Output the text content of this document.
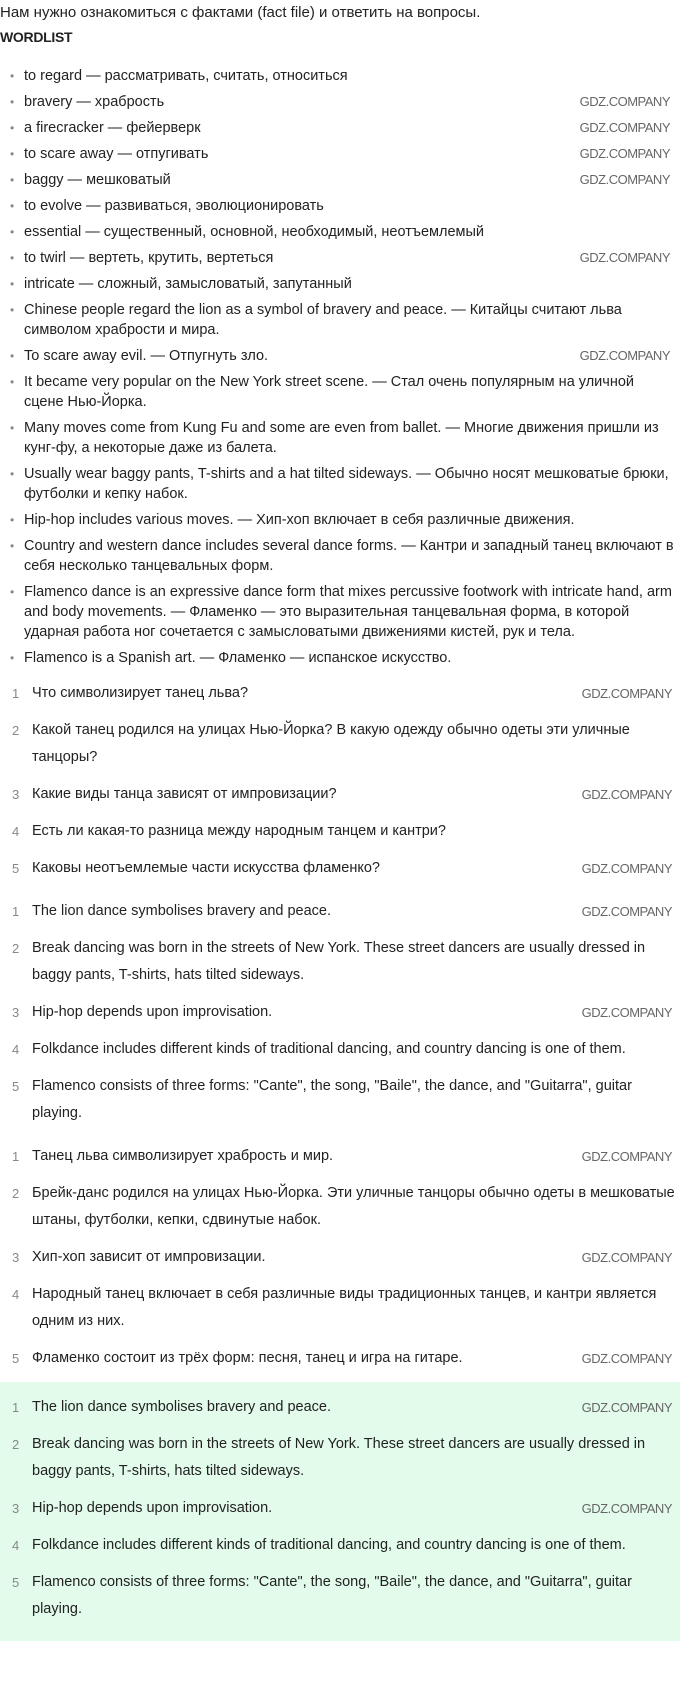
Нам нужно ознакомиться с фактами (fact file) и ответить на вопросы.
WORDLIST
• to regard — рассматривать, считать, относиться
• bravery — храбрость	GDZ.COMPANY
• a firecracker — фейерверк	GDZ.COMPANY
• to scare away — отпугивать	GDZ.COMPANY
• baggy — мешковатый	GDZ.COMPANY
• to evolve — развиваться, эволюционировать
• essential — существенный, основной, необходимый, неотъемлемый
• to twirl — вертеть, крутить, вертеться	GDZ.COMPANY
• intricate — сложный, замысловатый, запутанный
• Chinese people regard the lion as a symbol of bravery and peace. — Китайцы считают льва символом храбрости и мира.
• To scare away evil. — Отпугнуть зло.	GDZ.COMPANY
• It became very popular on the New York street scene. — Стал очень популярным на уличной сцене Нью-Йорка.
• Many moves come from Kung Fu and some are even from ballet. — Многие движения пришли из кунг-фу, а некоторые даже из балета.
• Usually wear baggy pants, T-shirts and a hat tilted sideways. — Обычно носят мешковатые брюки, футболки и кепку набок.
• Hip-hop includes various moves. — Хип-хоп включает в себя различные движения.
• Country and western dance includes several dance forms. — Кантри и западный танец включают в себя несколько танцевальных форм.
• Flamenco dance is an expressive dance form that mixes percussive footwork with intricate hand, arm and body movements. — Фламенко — это выразительная танцевальная форма, в которой ударная работа ног сочетается с замысловатыми движениями кистей, рук и тела.
• Flamenco is a Spanish art. — Фламенко — испанское искусство.
1 Что символизирует танец льва?	GDZ.COMPANY
2 Какой танец родился на улицах Нью-Йорка? В какую одежду обычно одеты эти уличные танцоры?
3 Какие виды танца зависят от импровизации?	GDZ.COMPANY
4 Есть ли какая-то разница между народным танцем и кантри?
5 Каковы неотъемлемые части искусства фламенко?	GDZ.COMPANY
1 The lion dance symbolises bravery and peace.	GDZ.COMPANY
2 Break dancing was born in the streets of New York. These street dancers are usually dressed in baggy pants, T-shirts, hats tilted sideways.
3 Hip-hop depends upon improvisation.	GDZ.COMPANY
4 Folkdance includes different kinds of traditional dancing, and country dancing is one of them.
5 Flamenco consists of three forms: "Cante", the song, "Baile", the dance, and "Guitarra", guitar playing.
1 Танец льва символизирует храбрость и мир.	GDZ.COMPANY
2 Брейк-данс родился на улицах Нью-Йорка. Эти уличные танцоры обычно одеты в мешковатые штаны, футболки, кепки, сдвинутые набок.
3 Хип-хоп зависит от импровизации.	GDZ.COMPANY
4 Народный танец включает в себя различные виды традиционных танцев, и кантри является одним из них.
5 Фламенко состоит из трёх форм: песня, танец и игра на гитаре.	GDZ.COMPANY
1 The lion dance symbolises bravery and peace.	GDZ.COMPANY
2 Break dancing was born in the streets of New York. These street dancers are usually dressed in baggy pants, T-shirts, hats tilted sideways.
3 Hip-hop depends upon improvisation.	GDZ.COMPANY
4 Folkdance includes different kinds of traditional dancing, and country dancing is one of them.
5 Flamenco consists of three forms: "Cante", the song, "Baile", the dance, and "Guitarra", guitar playing.
